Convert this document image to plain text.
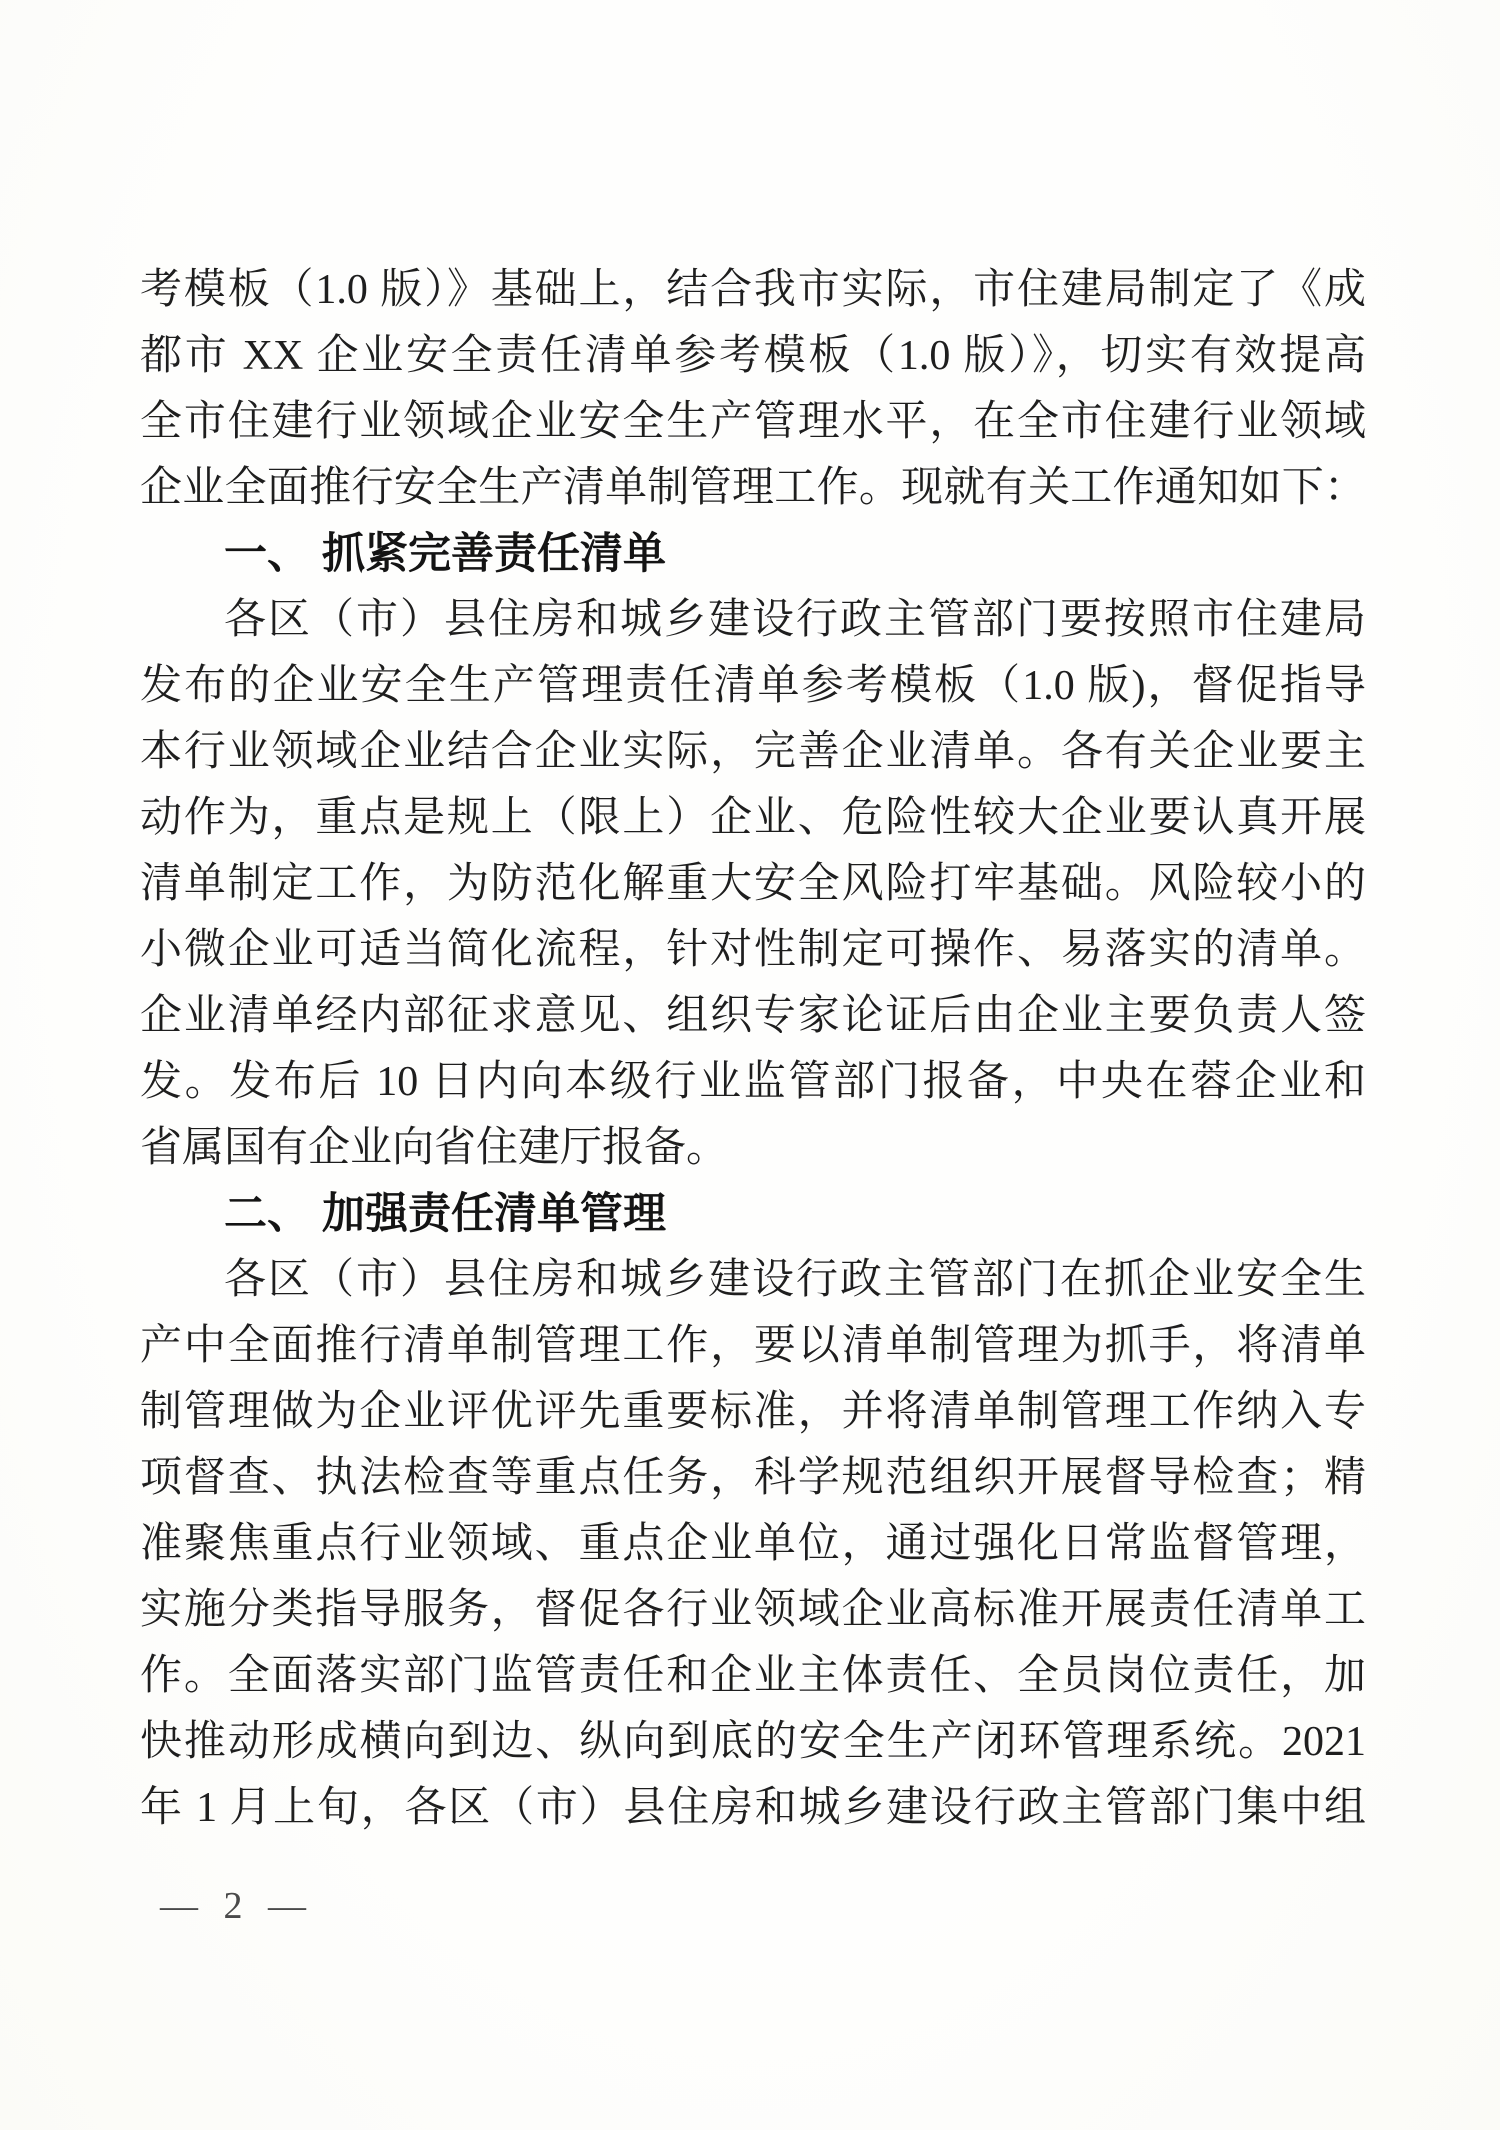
考模板（1.0 版）》基础上，结合我市实际，市住建局制定了《成

都市 XX 企业安全责任清单参考模板（1.0 版）》，切实有效提高

全市住建行业领域企业安全生产管理水平，在全市住建行业领域

企业全面推行安全生产清单制管理工作。现就有关工作通知如下：

一、 抓紧完善责任清单

各区（市）县住房和城乡建设行政主管部门要按照市住建局

发布的企业安全生产管理责任清单参考模板（1.0 版)，督促指导

本行业领域企业结合企业实际，完善企业清单。各有关企业要主

动作为，重点是规上（限上）企业、危险性较大企业要认真开展

清单制定工作，为防范化解重大安全风险打牢基础。风险较小的

小微企业可适当简化流程，针对性制定可操作、易落实的清单。

企业清单经内部征求意见、组织专家论证后由企业主要负责人签

发。发布后 10 日内向本级行业监管部门报备，中央在蓉企业和

省属国有企业向省住建厅报备。

二、 加强责任清单管理

各区（市）县住房和城乡建设行政主管部门在抓企业安全生

产中全面推行清单制管理工作，要以清单制管理为抓手，将清单

制管理做为企业评优评先重要标准，并将清单制管理工作纳入专

项督查、执法检查等重点任务，科学规范组织开展督导检查；精

准聚焦重点行业领域、重点企业单位，通过强化日常监督管理，

实施分类指导服务，督促各行业领域企业高标准开展责任清单工

作。全面落实部门监管责任和企业主体责任、全员岗位责任，加

快推动形成横向到边、纵向到底的安全生产闭环管理系统。2021

年 1 月上旬，各区（市）县住房和城乡建设行政主管部门集中组

— 2 —
